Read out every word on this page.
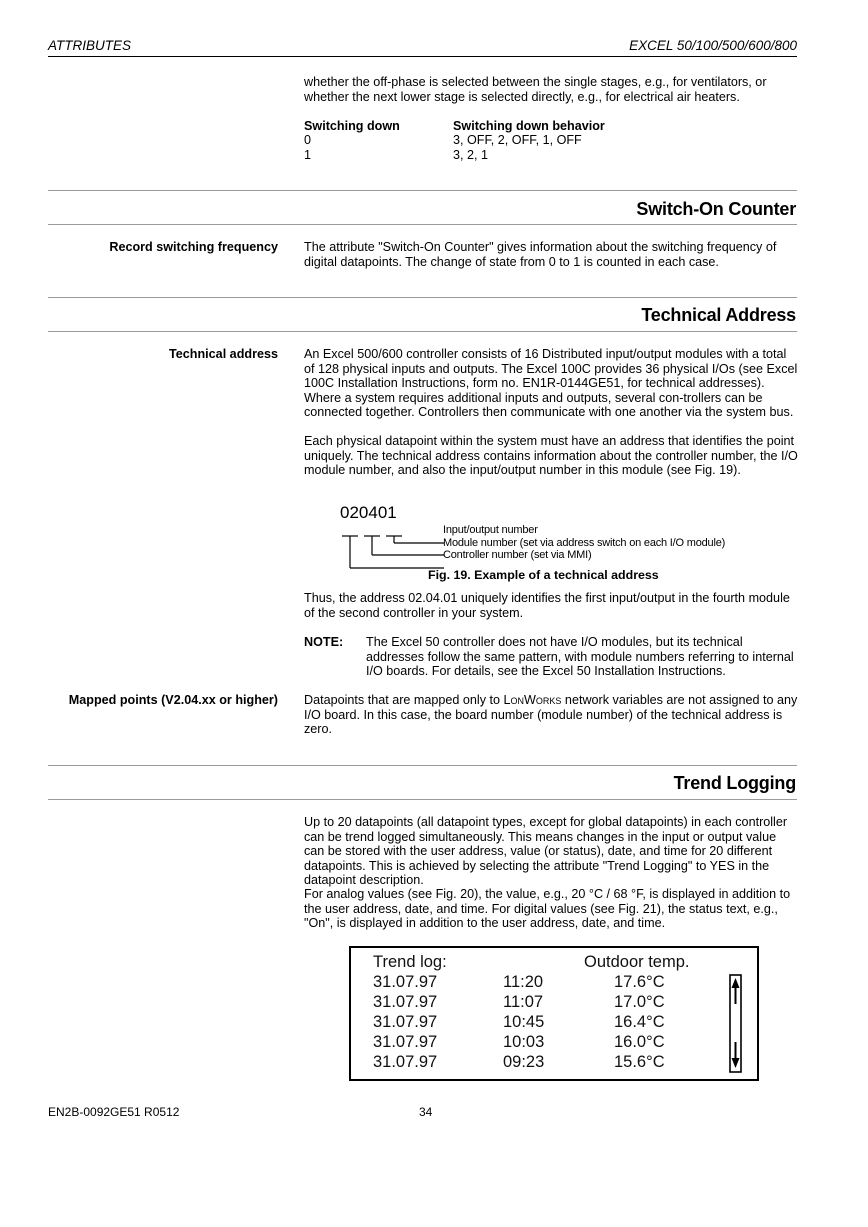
ATTRIBUTES	EXCEL 50/100/500/600/800
whether the off-phase is selected between the single stages, e.g., for ventilators, or whether the next lower stage is selected directly, e.g., for electrical air heaters.
Switching down	Switching down behavior
0	3, OFF, 2, OFF, 1, OFF
1	3, 2, 1
Switch-On Counter
Record switching frequency The attribute "Switch-On Counter" gives information about the switching frequency of digital datapoints. The change of state from 0 to 1 is counted in each case.
Technical Address
Technical address An Excel 500/600 controller consists of 16 Distributed input/output modules with a total of 128 physical inputs and outputs. The Excel 100C provides 36 physical I/Os (see Excel 100C Installation Instructions, form no. EN1R-0144GE51, for technical addresses). Where a system requires additional inputs and outputs, several con-trollers can be connected together. Controllers then communicate with one another via the system bus.
Each physical datapoint within the system must have an address that identifies the point uniquely. The technical address contains information about the controller number, the I/O module number, and also the input/output number in this module (see Fig. 19).
020401
Input/output number
Module number (set via address switch on each I/O module)
Controller number (set via MMI)
Fig. 19. Example of a technical address
Thus, the address 02.04.01 uniquely identifies the first input/output in the fourth module of the second controller in your system.
NOTE: The Excel 50 controller does not have I/O modules, but its technical addresses follow the same pattern, with module numbers referring to internal I/O boards. For details, see the Excel 50 Installation Instructions.
Mapped points (V2.04.xx or higher) Datapoints that are mapped only to LonWorks network variables are not assigned to any I/O board. In this case, the board number (module number) of the technical address is zero.
Trend Logging
Up to 20 datapoints (all datapoint types, except for global datapoints) in each controller can be trend logged simultaneously. This means changes in the input or output value can be stored with the user address, value (or status), date, and time for 20 different datapoints. This is achieved by selecting the attribute "Trend Logging" to YES in the datapoint description.
For analog values (see Fig. 20), the value, e.g., 20 °C / 68 °F, is displayed in addition to the user address, date, and time. For digital values (see Fig. 21), the status text, e.g., "On", is displayed in addition to the user address, date, and time.
Trend log:	Outdoor temp.
31.07.97	11:20	17.6°C
31.07.97	11:07	17.0°C
31.07.97	10:45	16.4°C
31.07.97	10:03	16.0°C
31.07.97	09:23	15.6°C
EN2B-0092GE51 R0512	34
